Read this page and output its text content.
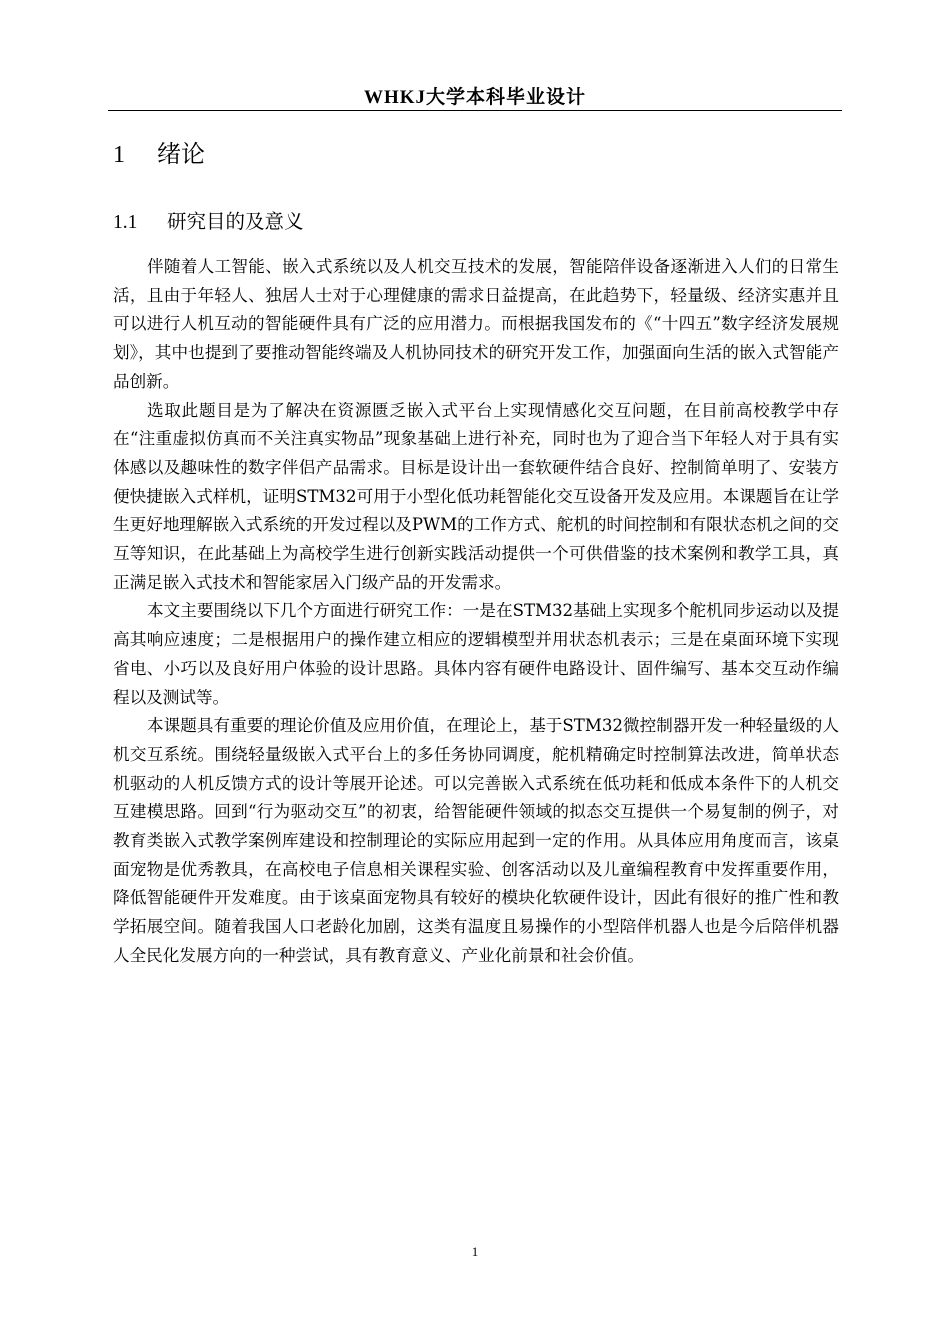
WHKJ大学本科毕业设计
1 绪论
1.1 研究目的及意义

伴随着人工智能、嵌入式系统以及人机交互技术的发展，智能陪伴设备逐渐进入人们的日常生活，且由于年轻人、独居人士对于心理健康的需求日益提高，在此趋势下，轻量级、经济实惠并且可以进行人机互动的智能硬件具有广泛的应用潜力。而根据我国发布的《“十四五”数字经济发展规划》，其中也提到了要推动智能终端及人机协同技术的研究开发工作，加强面向生活的嵌入式智能产品创新。

选取此题目是为了解决在资源匮乏嵌入式平台上实现情感化交互问题，在目前高校教学中存在“注重虚拟仿真而不关注真实物品”现象基础上进行补充，同时也为了迎合当下年轻人对于具有实体感以及趣味性的数字伴侣产品需求。目标是设计出一套软硬件结合良好、控制简单明了、安装方便快捷嵌入式样机，证明STM32可用于小型化低功耗智能化交互设备开发及应用。本课题旨在让学生更好地理解嵌入式系统的开发过程以及PWM的工作方式、舵机的时间控制和有限状态机之间的交互等知识，在此基础上为高校学生进行创新实践活动提供一个可供借鉴的技术案例和教学工具，真正满足嵌入式技术和智能家居入门级产品的开发需求。

本文主要围绕以下几个方面进行研究工作：一是在STM32基础上实现多个舵机同步运动以及提高其响应速度；二是根据用户的操作建立相应的逻辑模型并用状态机表示；三是在桌面环境下实现省电、小巧以及良好用户体验的设计思路。具体内容有硬件电路设计、固件编写、基本交互动作编程以及测试等。

本课题具有重要的理论价值及应用价值，在理论上，基于STM32微控制器开发一种轻量级的人机交互系统。围绕轻量级嵌入式平台上的多任务协同调度，舵机精确定时控制算法改进，简单状态机驱动的人机反馈方式的设计等展开论述。可以完善嵌入式系统在低功耗和低成本条件下的人机交互建模思路。回到“行为驱动交互”的初衷，给智能硬件领域的拟态交互提供一个易复制的例子，对教育类嵌入式教学案例库建设和控制理论的实际应用起到一定的作用。从具体应用角度而言，该桌面宠物是优秀教具，在高校电子信息相关课程实验、创客活动以及儿童编程教育中发挥重要作用，降低智能硬件开发难度。由于该桌面宠物具有较好的模块化软硬件设计，因此有很好的推广性和教学拓展空间。随着我国人口老龄化加剧，这类有温度且易操作的小型陪伴机器人也是今后陪伴机器人全民化发展方向的一种尝试，具有教育意义、产业化前景和社会价值。

1
